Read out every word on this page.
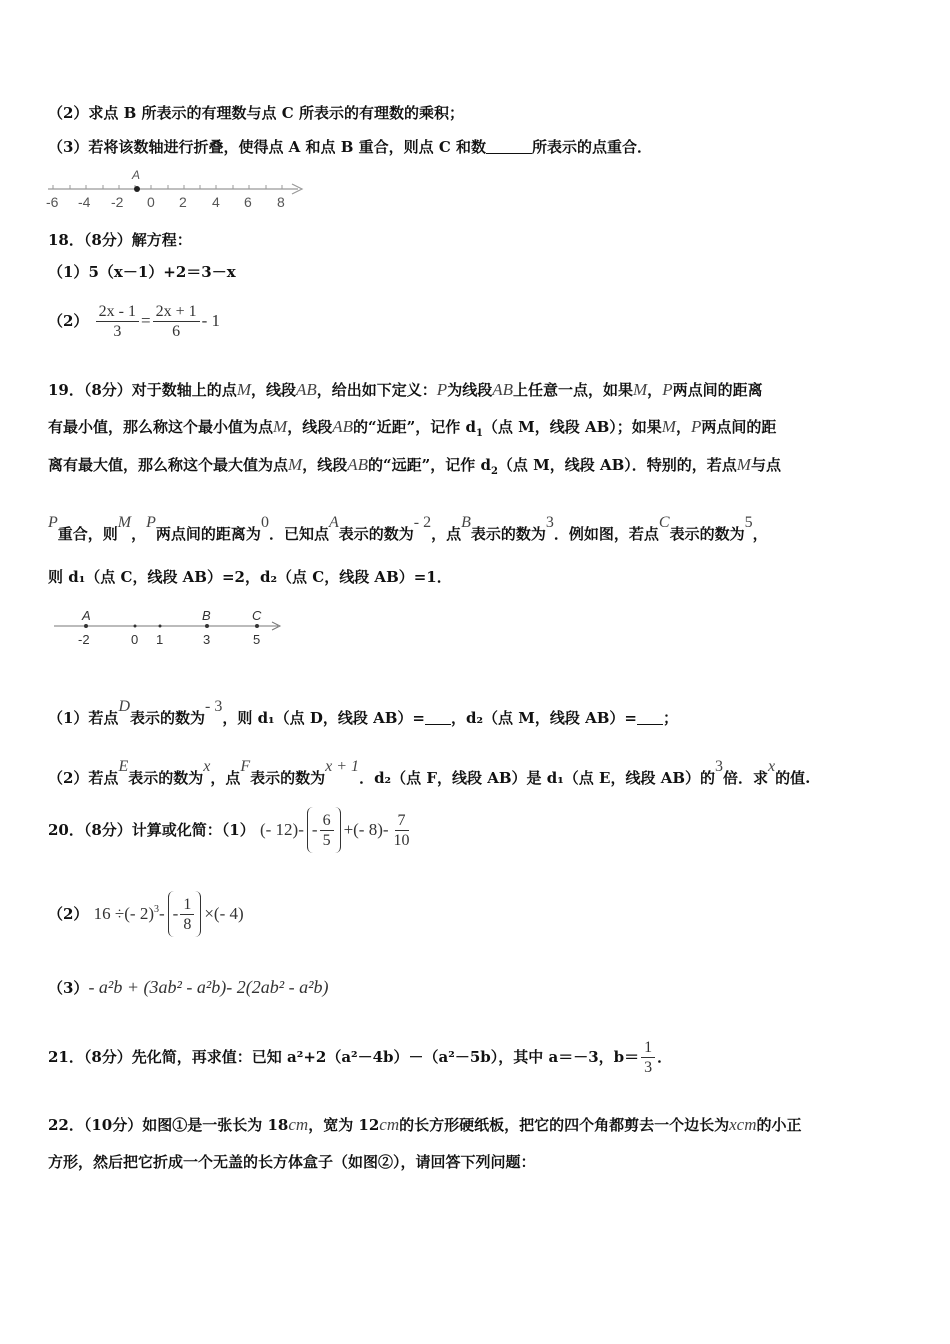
（2）求点 B 所表示的有理数与点 C 所表示的有理数的乘积；
（3）若将该数轴进行折叠，使得点 A 和点 B 重合，则点 C 和数	所表示的点重合．
A
-6 -4 -2 0 2 4 6 8
18．（8分）解方程：
（1）5（x－1）+2＝3－x
$(2) \frac{2x - 1}{3} = \frac{2x + 1}{6} - 1$
19．（8分）对于数轴上的点M，线段AB，给出如下定义：P为线段AB上任意一点，如果M，P两点间的距离
有最小值，那么称这个最小值为点M，线段AB的“近距”，记作 $d_1$（点 M，线段 AB）；如果M，P两点间的距
离有最大值，那么称这个最大值为点M，线段AB的“远距”，记作 $d_2$（点 M，线段 AB）．特别的，若点M与点
P重合，则M，P两点间的距离为0．已知点A表示的数为- 2，点B表示的数为3．例如图，若点C表示的数为5，
则 d₁（点 C，线段 AB）=2，d₂（点 C，线段 AB）=1．
A	B	C
-2	0 1	3	5
（1）若点D表示的数为- 3，则 d₁（点 D，线段 AB）= ，d₂（点 M，线段 AB）= ；
（2）若点E表示的数为x，点F表示的数为x + 1．d₂（点 F，线段 AB）是 d₁（点 E，线段 AB）的3倍．求x的值.
20．（8分）计算或化简：（1） (- $12)- - \frac{6}{5}$ +(- $8)- \frac{7}{10}$
（2） 16 ÷(- $2)^3- - \frac{1}{8}$ ×(- 4)
（3）- a²b + (3ab² - a²b)- 2(2ab² - a²b)
21．（8分）先化简，再求值：已知 a²+2（a²－4b）－（a²－5b），其中 a＝－3，$b= \frac{1}{3}$ ．
22．（10分）如图①是一张长为 18cm，宽为 12cm的长方形硬纸板，把它的四个角都剪去一个边长为xcm的小正
方形，然后把它折成一个无盖的长方体盒子（如图②），请回答下列问题：
